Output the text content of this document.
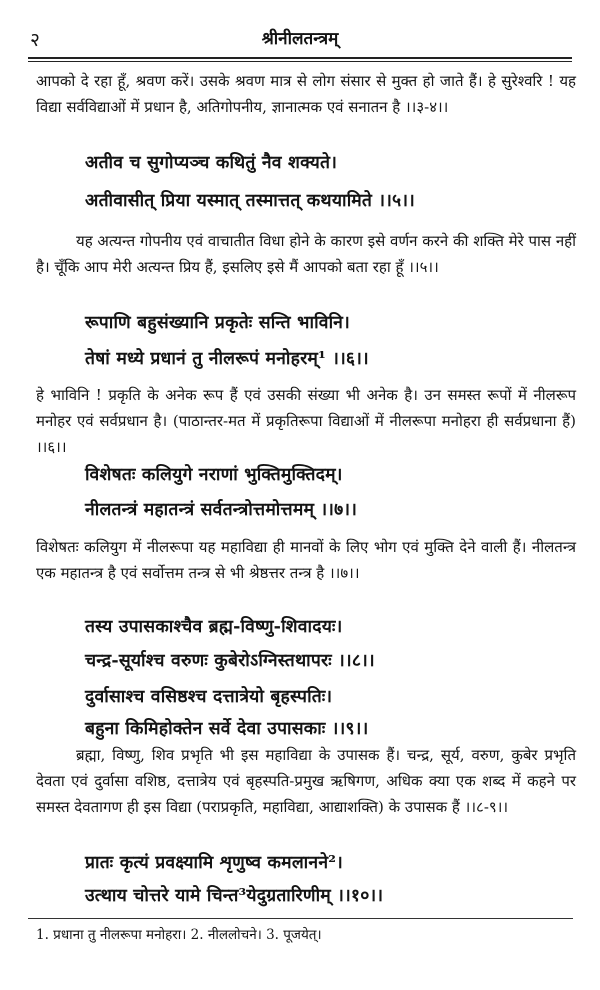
२	श्रीनीलतन्त्रम्

आपको दे रहा हूँ, श्रवण करें। उसके श्रवण मात्र से लोग संसार से मुक्त हो जाते हैं। हे सुरेश्वरि ! यह विद्या सर्वविद्याओं में प्रधान है, अतिगोपनीय, ज्ञानात्मक एवं सनातन है ।।३-४।।

अतीव च सुगोप्यञ्च कथितुं नैव शक्यते।

अतीवासीत् प्रिया यस्मात् तस्मात्तत् कथयामिते ।।५।।

यह अत्यन्त गोपनीय एवं वाचातीत विधा होने के कारण इसे वर्णन करने की शक्ति मेरे पास नहीं है। चूँकि आप मेरी अत्यन्त प्रिय हैं, इसलिए इसे मैं आपको बता रहा हूँ ।।५।।

रूपाणि बहुसंख्यानि प्रकृतेः सन्ति भाविनि।

तेषां मध्ये प्रधानं तु नीलरूपं मनोहरम्¹ ।।६।।

हे भाविनि ! प्रकृति के अनेक रूप हैं एवं उसकी संख्या भी अनेक है। उन समस्त रूपों में नीलरूप मनोहर एवं सर्वप्रधान है। (पाठान्तर-मत में प्रकृतिरूपा विद्याओं में नीलरूपा मनोहरा ही सर्वप्रधाना हैं) ।।६।।

विशेषतः कलियुगे नराणां भुक्तिमुक्तिदम्।

नीलतन्त्रं महातन्त्रं सर्वतन्त्रोत्तमोत्तमम् ।।७।।

विशेषतः कलियुग में नीलरूपा यह महाविद्या ही मानवों के लिए भोग एवं मुक्ति देने वाली हैं। नीलतन्त्र एक महातन्त्र है एवं सर्वोत्तम तन्त्र से भी श्रेष्ठत्तर तन्त्र है ।।७।।

तस्य उपासकाश्चैव ब्रह्म-विष्णु-शिवादयः।

चन्द्र-सूर्याश्च वरुणः कुबेरोऽग्निस्तथापरः ।।८।।

दुर्वासाश्च वसिष्ठश्च दत्तात्रेयो बृहस्पतिः।

बहुना किमिहोक्तेन सर्वे देवा उपासकाः ।।९।।

ब्रह्मा, विष्णु, शिव प्रभृति भी इस महाविद्या के उपासक हैं। चन्द्र, सूर्य, वरुण, कुबेर प्रभृति देवता एवं दुर्वासा वशिष्ठ, दत्तात्रेय एवं बृहस्पति-प्रमुख ऋषिगण, अधिक क्या एक शब्द में कहने पर समस्त देवतागण ही इस विद्या (पराप्रकृति, महाविद्या, आद्याशक्ति) के उपासक हैं ।।८-९।।

प्रातः कृत्यं प्रवक्ष्यामि शृणुष्व कमलानने²।

उत्थाय चोत्तरे यामे चिन्त³येदुग्रतारिणीम् ।।१०।।

1. प्रधाना तु नीलरूपा मनोहरा। 2. नीललोचने। 3. पूजयेत्।
